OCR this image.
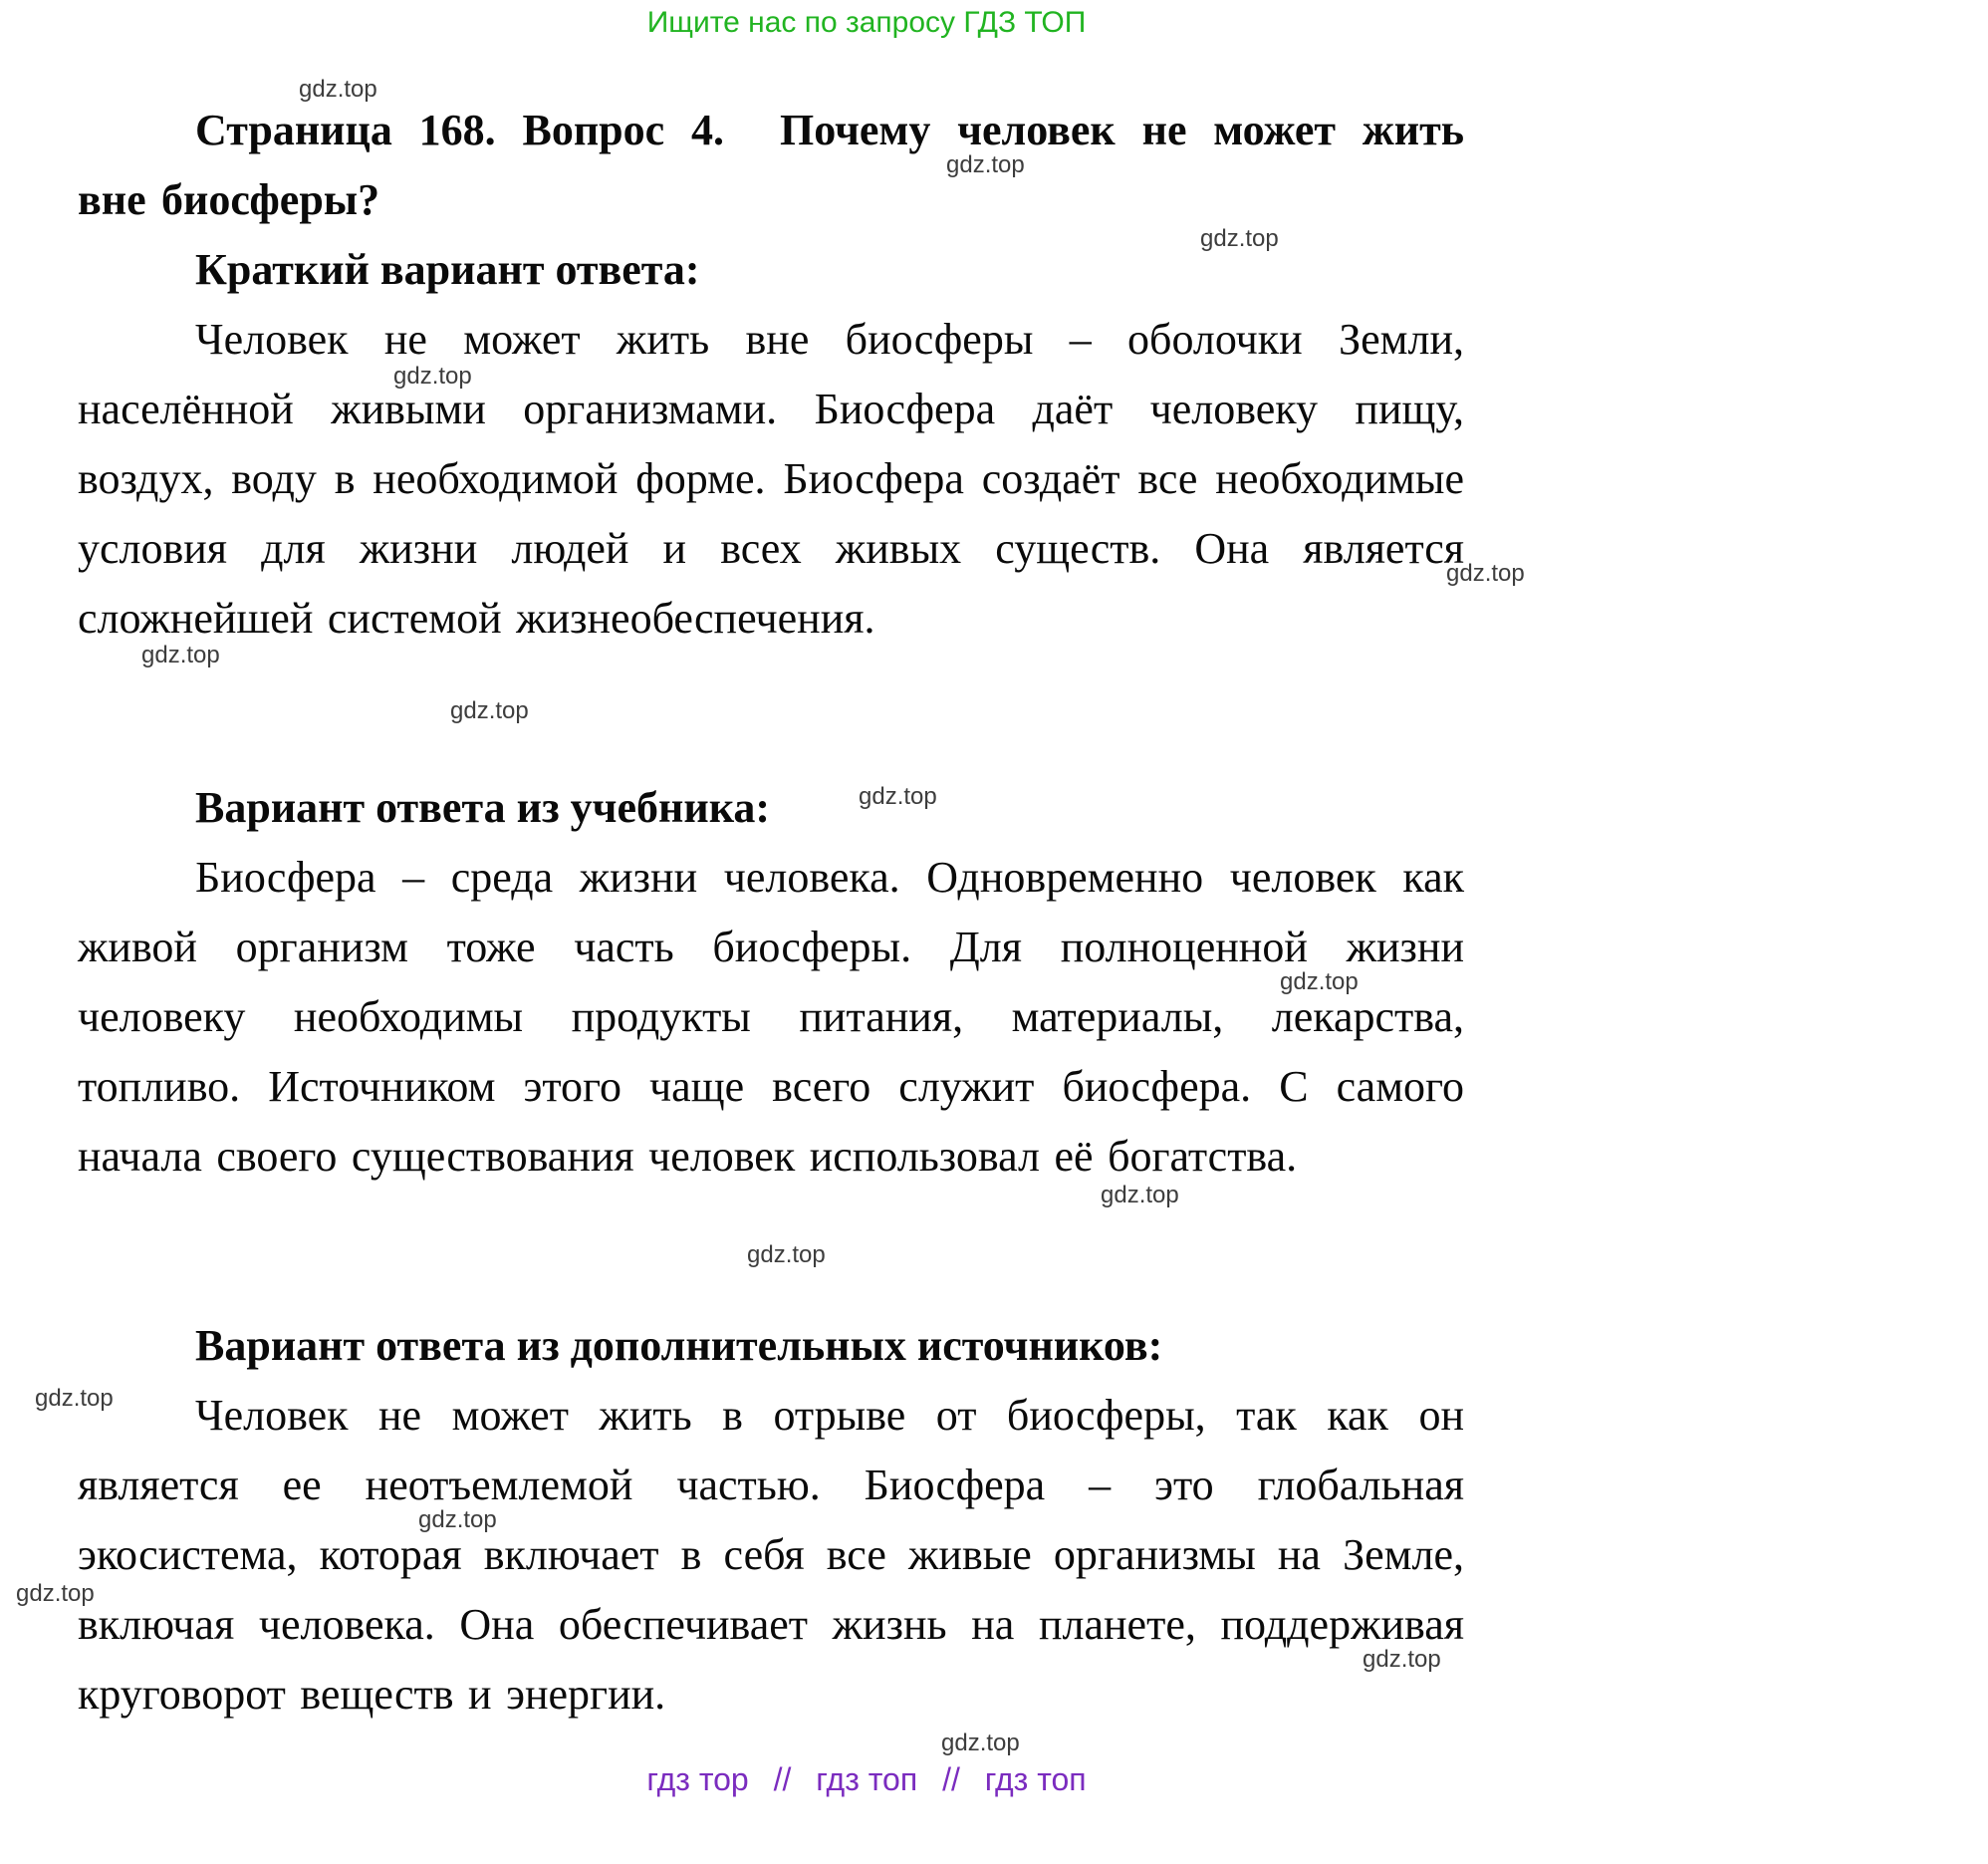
Ищите нас по запросу ГДЗ ТОП

Страница 168. Вопрос 4. Почему человек не может жить вне биосферы?

Краткий вариант ответа:

Человек не может жить вне биосферы – оболочки Земли, населённой живыми организмами. Биосфера даёт человеку пищу, воздух, воду в необходимой форме. Биосфера создаёт все необходимые условия для жизни людей и всех живых существ. Она является сложнейшей системой жизнеобеспечения.

Вариант ответа из учебника:

Биосфера – среда жизни человека. Одновременно человек как живой организм тоже часть биосферы. Для полноценной жизни человеку необходимы продукты питания, материалы, лекарства, топливо. Источником этого чаще всего служит биосфера. С самого начала своего существования человек использовал её богатства.

Вариант ответа из дополнительных источников:

Человек не может жить в отрыве от биосферы, так как он является ее неотъемлемой частью. Биосфера – это глобальная экосистема, которая включает в себя все живые организмы на Земле, включая человека. Она обеспечивает жизнь на планете, поддерживая круговорот веществ и энергии.

гдз тор // гдз топ // гдз топ
gdz.top
gdz.top
gdz.top
gdz.top
gdz.top
gdz.top
gdz.top
gdz.top
gdz.top
gdz.top
gdz.top
gdz.top
gdz.top
gdz.top
gdz.top
gdz.top
